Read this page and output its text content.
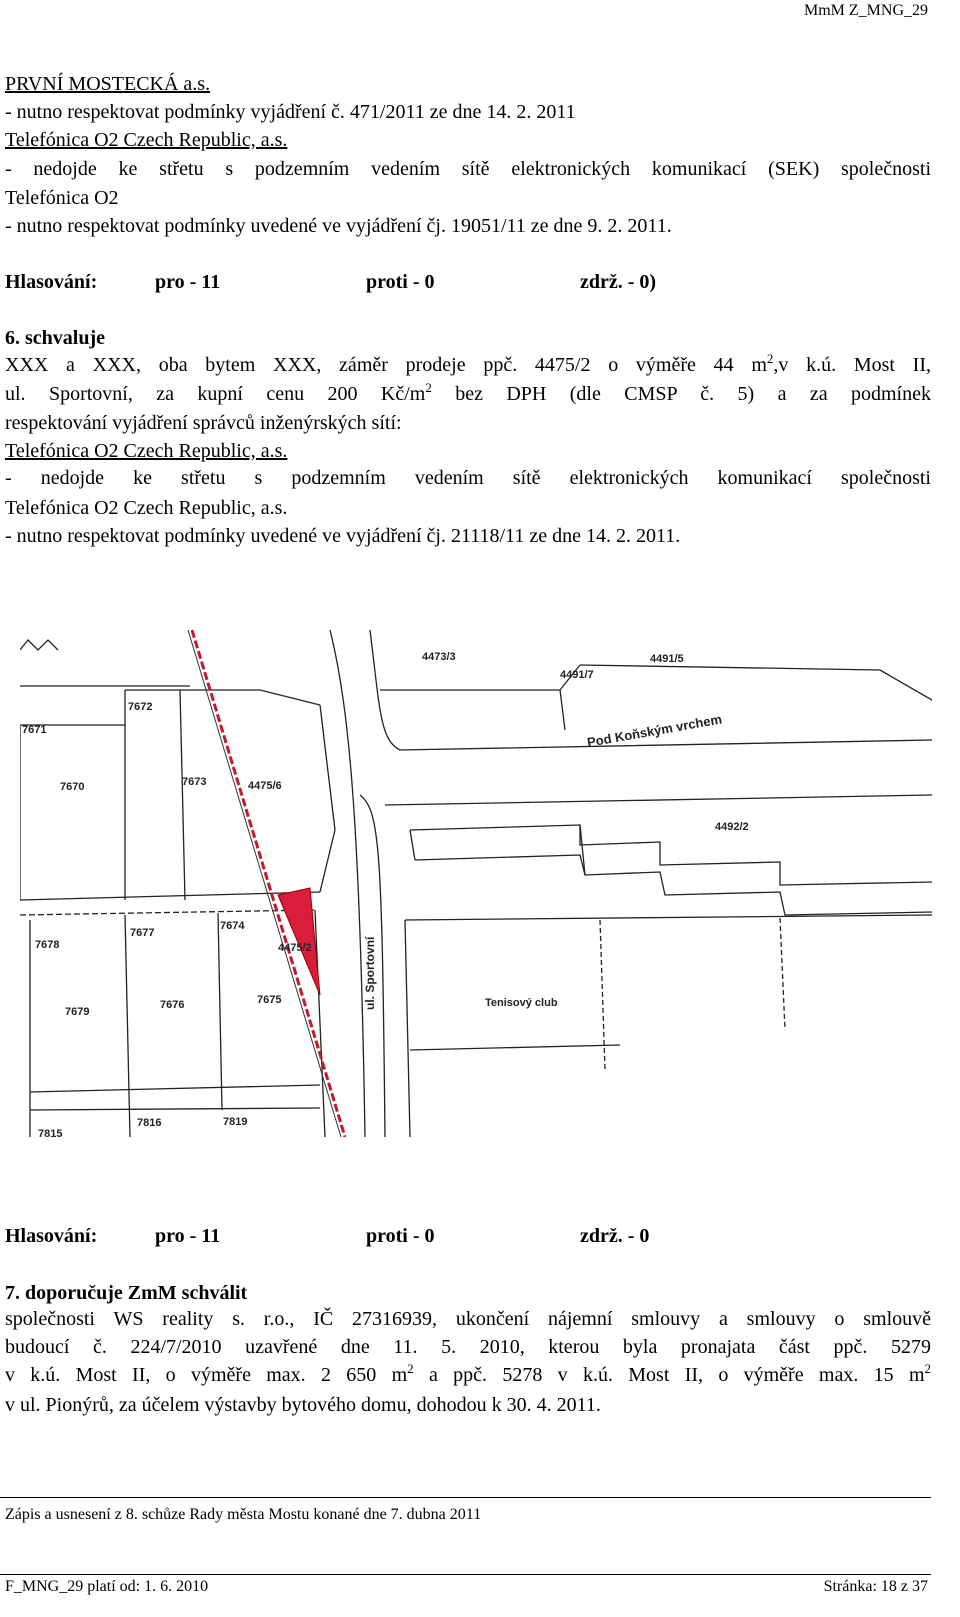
MmM Z_MNG_29
PRVNÍ MOSTECKÁ a.s.
- nutno respektovat podmínky vyjádření č. 471/2011 ze dne 14. 2. 2011
Telefónica O2 Czech Republic, a.s.
- nedojde ke střetu s podzemním vedením sítě elektronických komunikací (SEK) společnosti
Telefónica O2
- nutno respektovat podmínky uvedené ve vyjádření čj. 19051/11 ze dne 9. 2. 2011.
Hlasování:	pro - 11	proti - 0	zdrž. - 0)
6. schvaluje
XXX a XXX, oba bytem XXX, záměr prodeje ppč. 4475/2 o výměře 44 $m^2,v$ k.ú. Most II,
ul. Sportovní, za kupní cenu 200 $Kč/m^2$ bez DPH (dle CMSP č. 5) a za podmínek
respektování vyjádření správců inženýrských sítí:
Telefónica O2 Czech Republic, a.s.
- nedojde ke střetu s podzemním vedením sítě elektronických komunikací společnosti
Telefónica O2 Czech Republic, a.s.
- nutno respektovat podmínky uvedené ve vyjádření čj. 21118/11 ze dne 14. 2. 2011.
4473/3	4491/5
4491/7
7672
7671
7670	7673	4475/6
4492/2
7678
7677
7674
4475/2
7679
7676	7675
7816	7819
7815
Pod Koňským vrchem
ul. Sportovní	Tenisový club
Hlasování:	pro - 11	proti - 0	zdrž. - 0
7. doporučuje ZmM schválit
společnosti WS reality s. r.o., IČ 27316939, ukončení nájemní smlouvy a smlouvy o smlouvě
budoucí č. 224/7/2010 uzavřené dne 11. 5. 2010, kterou byla pronajata část ppč. 5279
v k.ú. Most II, o výměře max. 2 650 $m^2$ a ppč. 5278 v k.ú. Most II, o výměře max. 15 $m^2$
v ul. Pionýrů, za účelem výstavby bytového domu, dohodou k 30. 4. 2011.
Zápis a usnesení z 8. schůze Rady města Mostu konané dne 7. dubna 2011
F_MNG_29 platí od: 1. 6. 2010	Stránka: 18 z 37
